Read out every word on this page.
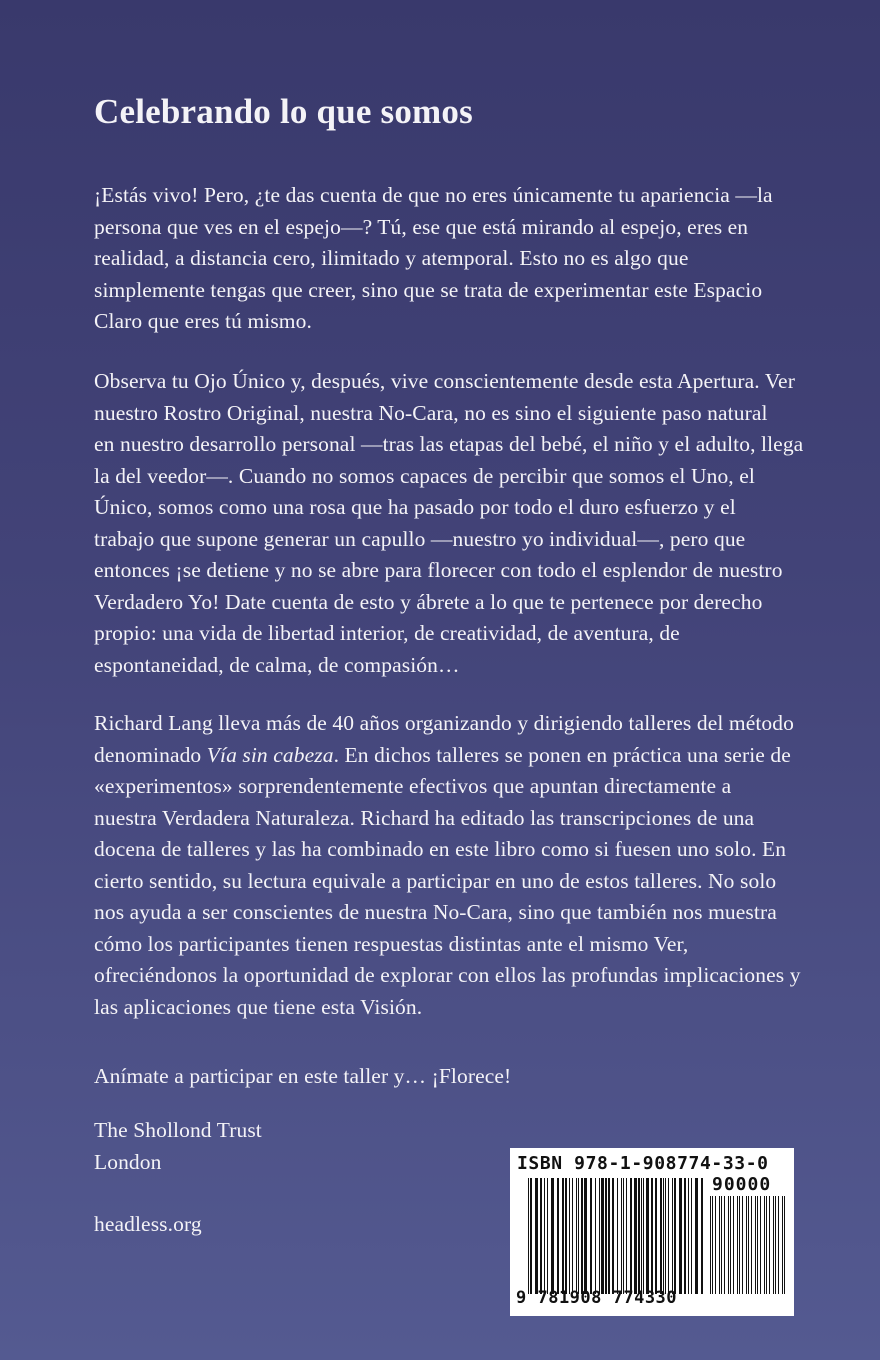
Celebrando lo que somos

¡Estás vivo! Pero, ¿te das cuenta de que no eres únicamente tu apariencia —la
persona que ves en el espejo—? Tú, ese que está mirando al espejo, eres en
realidad, a distancia cero, ilimitado y atemporal. Esto no es algo que
simplemente tengas que creer, sino que se trata de experimentar este Espacio
Claro que eres tú mismo.

Observa tu Ojo Único y, después, vive conscientemente desde esta Apertura. Ver
nuestro Rostro Original, nuestra No-Cara, no es sino el siguiente paso natural
en nuestro desarrollo personal —tras las etapas del bebé, el niño y el adulto, llega
la del veedor—. Cuando no somos capaces de percibir que somos el Uno, el
Único, somos como una rosa que ha pasado por todo el duro esfuerzo y el
trabajo que supone generar un capullo —nuestro yo individual—, pero que
entonces ¡se detiene y no se abre para florecer con todo el esplendor de nuestro
Verdadero Yo! Date cuenta de esto y ábrete a lo que te pertenece por derecho
propio: una vida de libertad interior, de creatividad, de aventura, de
espontaneidad, de calma, de compasión…

Richard Lang lleva más de 40 años organizando y dirigiendo talleres del método
denominado Vía sin cabeza. En dichos talleres se ponen en práctica una serie de
«experimentos» sorprendentemente efectivos que apuntan directamente a
nuestra Verdadera Naturaleza. Richard ha editado las transcripciones de una
docena de talleres y las ha combinado en este libro como si fuesen uno solo. En
cierto sentido, su lectura equivale a participar en uno de estos talleres. No solo
nos ayuda a ser conscientes de nuestra No-Cara, sino que también nos muestra
cómo los participantes tienen respuestas distintas ante el mismo Ver,
ofreciéndonos la oportunidad de explorar con ellos las profundas implicaciones y
las aplicaciones que tiene esta Visión.

Anímate a participar en este taller y… ¡Florece!

The Shollond Trust
London

headless.org

ISBN 978-1-908774-33-0
90000
9 781908 774330
